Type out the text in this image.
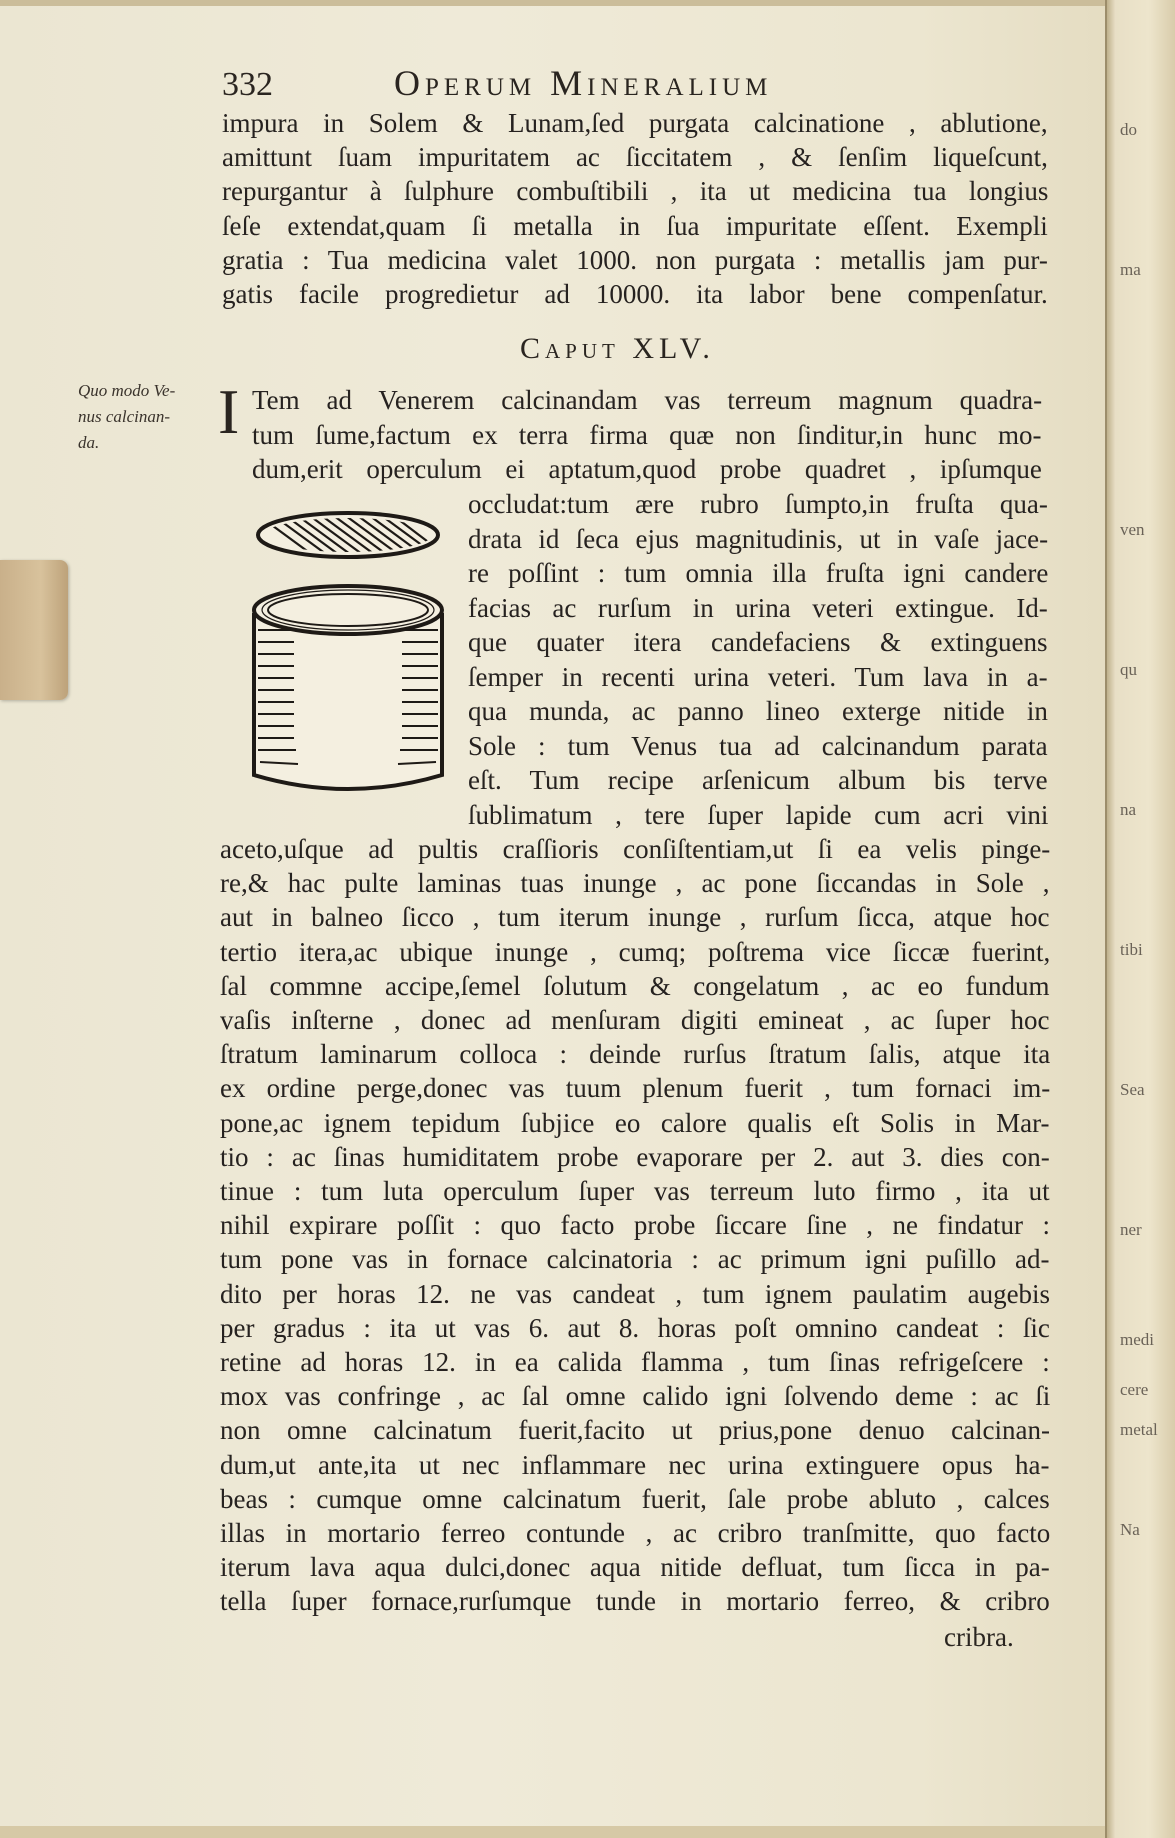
do
ma
ven
qu
na
tibi
Sea
ner
medi
cere
metal
Na
332	Operum Mineralium
impura in Solem & Lunam,ſed purgata calcinatione , ablutione,
amittunt ſuam impuritatem ac ſiccitatem , & ſenſim liqueſcunt,
repurgantur à ſulphure combuſtibili , ita ut medicina tua longius
ſeſe extendat,quam ſi metalla in ſua impuritate eſſent. Exempli
gratia : Tua medicina valet 1000. non purgata : metallis jam pur-
gatis facile progredietur ad 10000. ita labor bene compenſatur.
Caput XLV.
Quo modo Ve-
nus calcinan-
da.	I Tem ad Venerem calcinandam vas terreum magnum quadra-
tum ſume,factum ex terra firma quæ non ſinditur,in hunc mo-
dum,erit operculum ei aptatum,quod probe quadret , ipſumque
occludat:tum ære rubro ſumpto,in fruſta qua-
drata id ſeca ejus magnitudinis, ut in vaſe jace-
re poſſint : tum omnia illa fruſta igni candere
facias ac rurſum in urina veteri extingue. Id-
que quater itera candefaciens & extinguens
ſemper in recenti urina veteri. Tum lava in a-
qua munda, ac panno lineo exterge nitide in
Sole : tum Venus tua ad calcinandum parata
eſt. Tum recipe arſenicum album bis terve
ſublimatum , tere ſuper lapide cum acri vini
aceto,uſque ad pultis craſſioris conſiſtentiam,ut ſi ea velis pinge-
re,& hac pulte laminas tuas inunge , ac pone ſiccandas in Sole ,
aut in balneo ſicco , tum iterum inunge , rurſum ſicca, atque hoc
tertio itera,ac ubique inunge , cumq; poſtrema vice ſiccæ fuerint,
ſal commne accipe,ſemel ſolutum & congelatum , ac eo fundum
vaſis inſterne , donec ad menſuram digiti emineat , ac ſuper hoc
ſtratum laminarum colloca : deinde rurſus ſtratum ſalis, atque ita
ex ordine perge,donec vas tuum plenum fuerit , tum fornaci im-
pone,ac ignem tepidum ſubjice eo calore qualis eſt Solis in Mar-
tio : ac ſinas humiditatem probe evaporare per 2. aut 3. dies con-
tinue : tum luta operculum ſuper vas terreum luto firmo , ita ut
nihil expirare poſſit : quo facto probe ſiccare ſine , ne findatur :
tum pone vas in fornace calcinatoria : ac primum igni puſillo ad-
dito per horas 12. ne vas candeat , tum ignem paulatim augebis
per gradus : ita ut vas 6. aut 8. horas poſt omnino candeat : ſic
retine ad horas 12. in ea calida flamma , tum ſinas refrigeſcere :
mox vas confringe , ac ſal omne calido igni ſolvendo deme : ac ſi
non omne calcinatum fuerit,facito ut prius,pone denuo calcinan-
dum,ut ante,ita ut nec inflammare nec urina extinguere opus ha-
beas : cumque omne calcinatum fuerit, ſale probe abluto , calces
illas in mortario ferreo contunde , ac cribro tranſmitte, quo facto
iterum lava aqua dulci,donec aqua nitide defluat, tum ſicca in pa-
tella ſuper fornace,rurſumque tunde in mortario ferreo, & cribro
cribra.
